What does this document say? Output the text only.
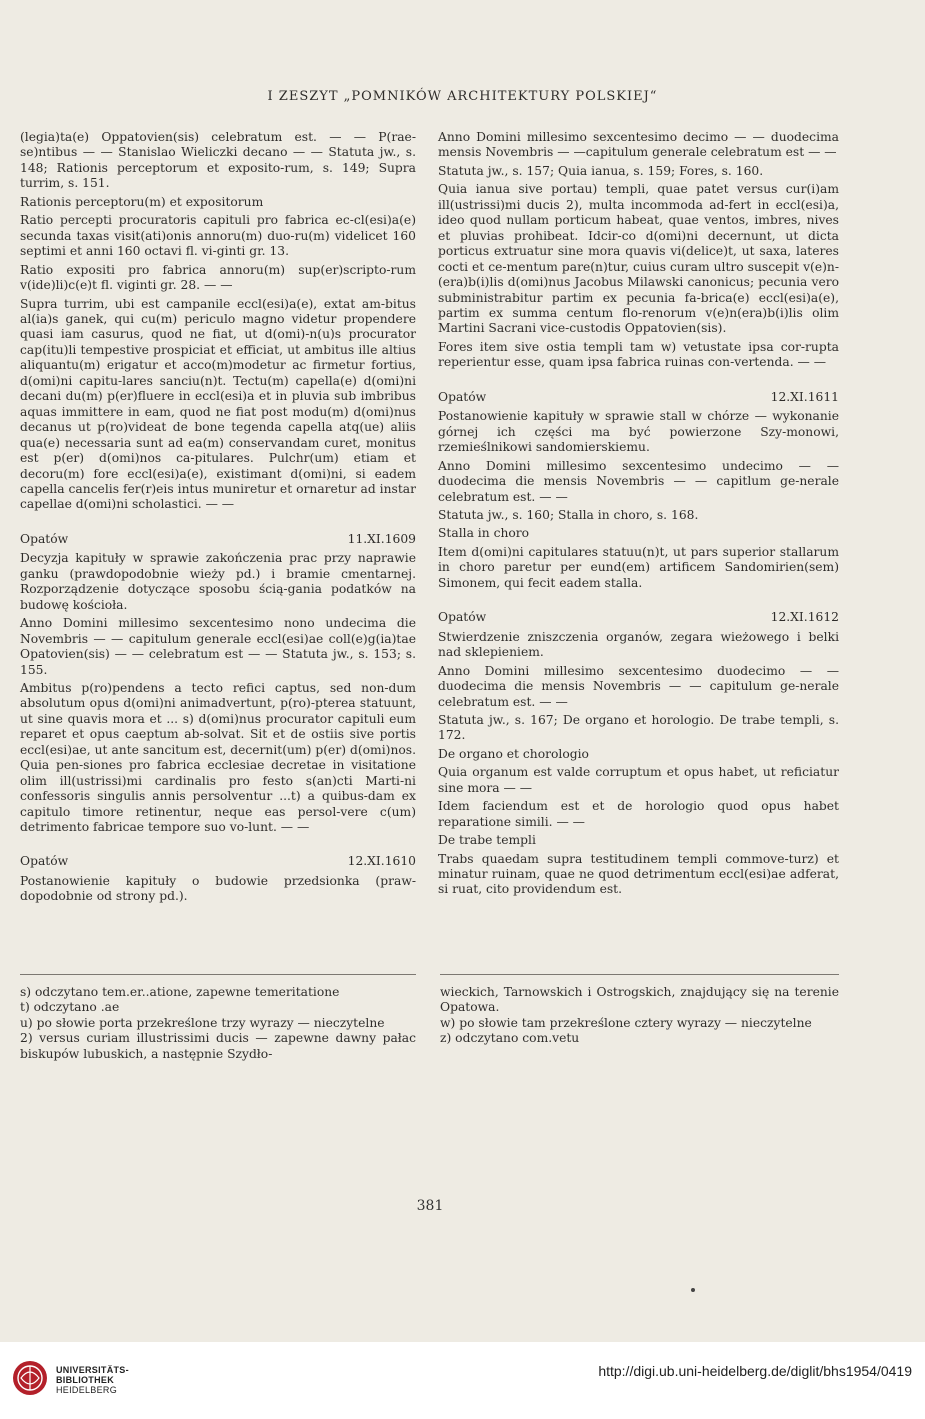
I ZESZYT „POMNIKÓW ARCHITEKTURY POLSKIEJ“

(legia)ta(e) Oppatovien(sis) celebratum est. — — P(rae-se)ntibus — — Stanislao Wieliczki decano — — Statuta jw., s. 148; Rationis perceptorum et exposito-rum, s. 149; Supra turrim, s. 151.

Rationis perceptoru(m) et expositorum

Ratio percepti procuratoris capituli pro fabrica ec-cl(esi)a(e) secunda taxas visit(ati)onis annoru(m) duo-ru(m) videlicet 160 septimi et anni 160 octavi fl. vi-ginti gr. 13.

Ratio expositi pro fabrica annoru(m) sup(er)scripto-rum v(ide)li)c(e)t fl. viginti gr. 28. — —

Supra turrim, ubi est campanile eccl(esi)a(e), extat am-bitus al(ia)s ganek, qui cu(m) periculo magno videtur propendere quasi iam casurus, quod ne fiat, ut d(omi)-n(u)s procurator cap(itu)li tempestive prospiciat et efficiat, ut ambitus ille altius aliquantu(m) erigatur et acco(m)modetur ac firmetur fortius, d(omi)ni capitu-lares sanciu(n)t. Tectu(m) capella(e) d(omi)ni decani du(m) p(er)fluere in eccl(esi)a et in pluvia sub imbribus aquas immittere in eam, quod ne fiat post modu(m) d(omi)nus decanus ut p(ro)videat de bone tegenda capella atq(ue) aliis qua(e) necessaria sunt ad ea(m) conservandam curet, monitus est p(er) d(omi)nos ca-pitulares. Pulchr(um) etiam et decoru(m) fore eccl(esi)a(e), existimant d(omi)ni, si eadem capella cancelis fer(r)eis intus muniretur et ornaretur ad instar capellae d(omi)ni scholastici. — —

Opatów	11.XI.1609

Decyzja kapituły w sprawie zakończenia prac przy naprawie ganku (prawdopodobnie wieży pd.) i bramie cmentarnej. Rozporządzenie dotyczące sposobu ścią-gania podatków na budowę kościoła.

Anno Domini millesimo sexcentesimo nono undecima die Novembris — — capitulum generale eccl(esi)ae coll(e)g(ia)tae Opatovien(sis) — — celebratum est — — Statuta jw., s. 153; s. 155.

Ambitus p(ro)pendens a tecto refici captus, sed non-dum absolutum opus d(omi)ni animadvertunt, p(ro)-pterea statuunt, ut sine quavis mora et ... s) d(omi)nus procurator capituli eum reparet et opus caeptum ab-solvat. Sit et de ostiis sive portis eccl(esi)ae, ut ante sancitum est, decernit(um) p(er) d(omi)nos. Quia pen-siones pro fabrica ecclesiae decretae in visitatione olim ill(ustrissi)mi cardinalis pro festo s(an)cti Marti-ni confessoris singulis annis persolventur ...t) a quibus-dam ex capitulo timore retinentur, neque eas persol-vere c(um) detrimento fabricae tempore suo vo-lunt. — —

Opatów	12.XI.1610

Postanowienie kapituły o budowie przedsionka (praw-dopodobnie od strony pd.).

Anno Domini millesimo sexcentesimo decimo — — duodecima mensis Novembris — —capitulum generale celebratum est — —

Statuta jw., s. 157; Quia ianua, s. 159; Fores, s. 160.

Quia ianua sive portau) templi, quae patet versus cur(i)am ill(ustrissi)mi ducis 2), multa incommoda ad-fert in eccl(esi)a, ideo quod nullam porticum habeat, quae ventos, imbres, nives et pluvias prohibeat. Idcir-co d(omi)ni decernunt, ut dicta porticus extruatur sine mora quavis vi(delice)t, ut saxa, lateres cocti et ce-mentum pare(n)tur, cuius curam ultro suscepit v(e)n-(era)b(i)lis d(omi)nus Jacobus Milawski canonicus; pecunia vero subministrabitur partim ex pecunia fa-brica(e) eccl(esi)a(e), partim ex summa centum flo-renorum v(e)n(era)b(i)lis olim Martini Sacrani vice-custodis Oppatovien(sis).

Fores item sive ostia templi tam w) vetustate ipsa cor-rupta reperientur esse, quam ipsa fabrica ruinas con-vertenda. — —

Opatów	12.XI.1611

Postanowienie kapituły w sprawie stall w chórze — wykonanie górnej ich części ma być powierzone Szy-monowi, rzemieślnikowi sandomierskiemu.

Anno Domini millesimo sexcentesimo undecimo — — duodecima die mensis Novembris — — capitlum ge-nerale celebratum est. — —

Statuta jw., s. 160; Stalla in choro, s. 168.

Stalla in choro

Item d(omi)ni capitulares statuu(n)t, ut pars superior stallarum in choro paretur per eund(em) artificem Sandomirien(sem) Simonem, qui fecit eadem stalla.

Opatów	12.XI.1612

Stwierdzenie zniszczenia organów, zegara wieżowego i belki nad sklepieniem.

Anno Domini millesimo sexcentesimo duodecimo — — duodecima die mensis Novembris — — capitulum ge-nerale celebratum est. — —

Statuta jw., s. 167; De organo et horologio. De trabe templi, s. 172.

De organo et chorologio

Quia organum est valde corruptum et opus habet, ut reficiatur sine mora — —

Idem faciendum est et de horologio quod opus habet reparatione simili. — —

De trabe templi

Trabs quaedam supra testitudinem templi commove-turz) et minatur ruinam, quae ne quod detrimentum eccl(esi)ae adferat, si ruat, cito providendum est.

s) odczytano tem.er..atione, zapewne temeritatione

t) odczytano .ae

u) po słowie porta przekreślone trzy wyrazy — nieczytelne

2) versus curiam illustrissimi ducis — zapewne dawny pałac biskupów lubuskich, a następnie Szydło-

wieckich, Tarnowskich i Ostrogskich, znajdujący się na terenie Opatowa.

w) po słowie tam przekreślone cztery wyrazy — nieczytelne

z) odczytano com.vetu

381
UNIVERSITÄTS-
BIBLIOTHEK
HEIDELBERG
http://digi.ub.uni-heidelberg.de/diglit/bhs1954/0419
